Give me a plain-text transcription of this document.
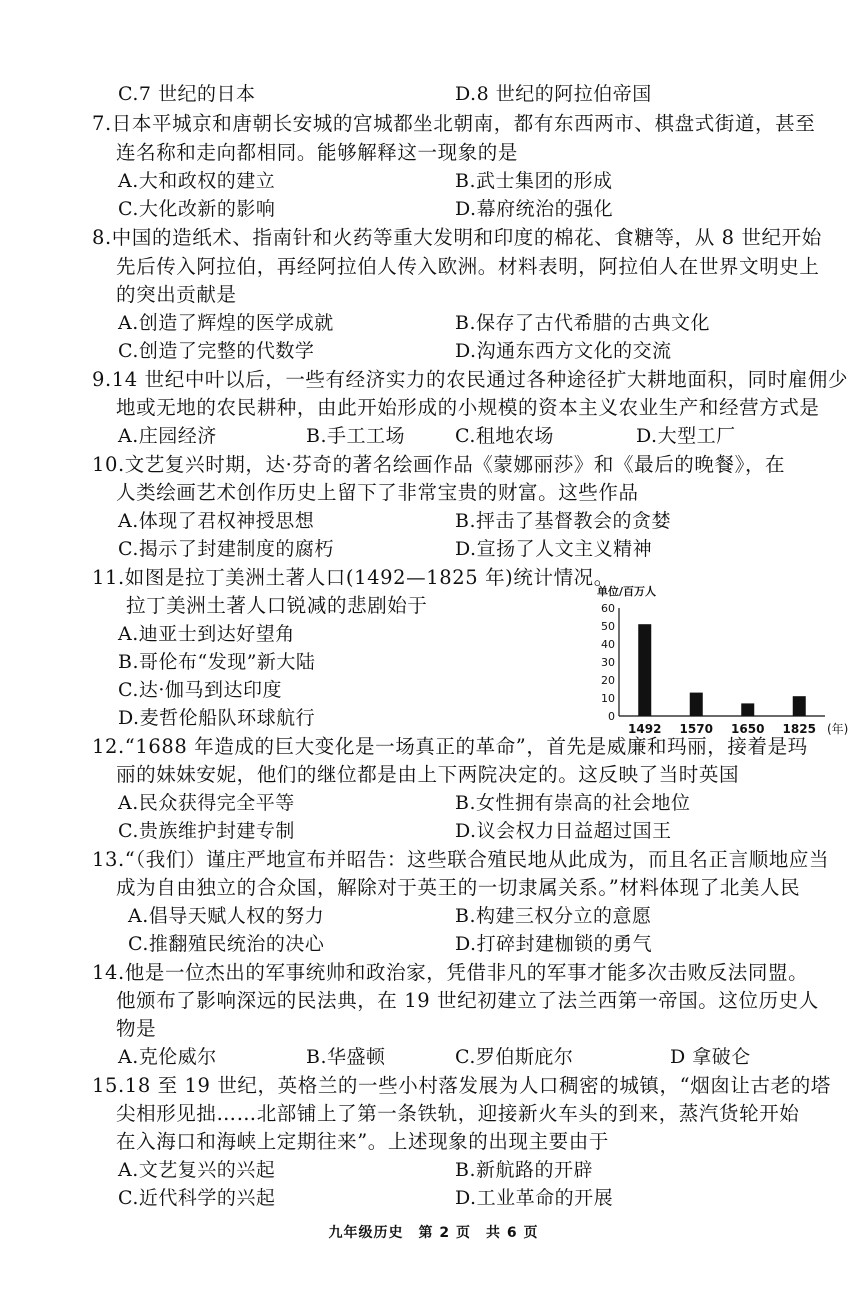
C.7 世纪的日本	D.8 世纪的阿拉伯帝国
7.日本平城京和唐朝长安城的宫城都坐北朝南，都有东西两市、棋盘式街道，甚至
连名称和走向都相同。能够解释这一现象的是
A.大和政权的建立	B.武士集团的形成
C.大化改新的影响	D.幕府统治的强化
8.中国的造纸术、指南针和火药等重大发明和印度的棉花、食糖等，从 8 世纪开始
先后传入阿拉伯，再经阿拉伯人传入欧洲。材料表明，阿拉伯人在世界文明史上
的突出贡献是
A.创造了辉煌的医学成就	B.保存了古代希腊的古典文化
C.创造了完整的代数学	D.沟通东西方文化的交流
9.14 世纪中叶以后，一些有经济实力的农民通过各种途径扩大耕地面积，同时雇佣少
地或无地的农民耕种，由此开始形成的小规模的资本主义农业生产和经营方式是
A.庄园经济	B.手工工场	C.租地农场	D.大型工厂
10.文艺复兴时期，达·芬奇的著名绘画作品《蒙娜丽莎》和《最后的晚餐》，在
人类绘画艺术创作历史上留下了非常宝贵的财富。这些作品
A.体现了君权神授思想	B.抨击了基督教会的贪婪
C.揭示了封建制度的腐朽	D.宣扬了人文主义精神
11.如图是拉丁美洲土著人口(1492—1825 年)统计情况。
拉丁美洲土著人口锐减的悲剧始于
A.迪亚士到达好望角
B.哥伦布“发现”新大陆
C.达·伽马到达印度
D.麦哲伦船队环球航行
单位/百万人
0
10
20
30
40
50
60
1492 1570 1650 1825 (年)
12.“1688 年造成的巨大变化是一场真正的革命”，首先是威廉和玛丽，接着是玛
丽的妹妹安妮，他们的继位都是由上下两院决定的。这反映了当时英国
A.民众获得完全平等	B.女性拥有崇高的社会地位
C.贵族维护封建专制	D.议会权力日益超过国王
13.“（我们）谨庄严地宣布并昭告：这些联合殖民地从此成为，而且名正言顺地应当
成为自由独立的合众国，解除对于英王的一切隶属关系。”材料体现了北美人民
A.倡导天赋人权的努力	B.构建三权分立的意愿
C.推翻殖民统治的决心	D.打碎封建枷锁的勇气
14.他是一位杰出的军事统帅和政治家，凭借非凡的军事才能多次击败反法同盟。
他颁布了影响深远的民法典，在 19 世纪初建立了法兰西第一帝国。这位历史人
物是
A.克伦威尔	B.华盛顿	C.罗伯斯庇尔	D 拿破仑
15.18 至 19 世纪，英格兰的一些小村落发展为人口稠密的城镇，“烟囱让古老的塔
尖相形见拙……北部铺上了第一条铁轨，迎接新火车头的到来，蒸汽货轮开始
在入海口和海峡上定期往来”。上述现象的出现主要由于
A.文艺复兴的兴起	B.新航路的开辟
C.近代科学的兴起	D.工业革命的开展
九年级历史　第 2 页　共 6 页
